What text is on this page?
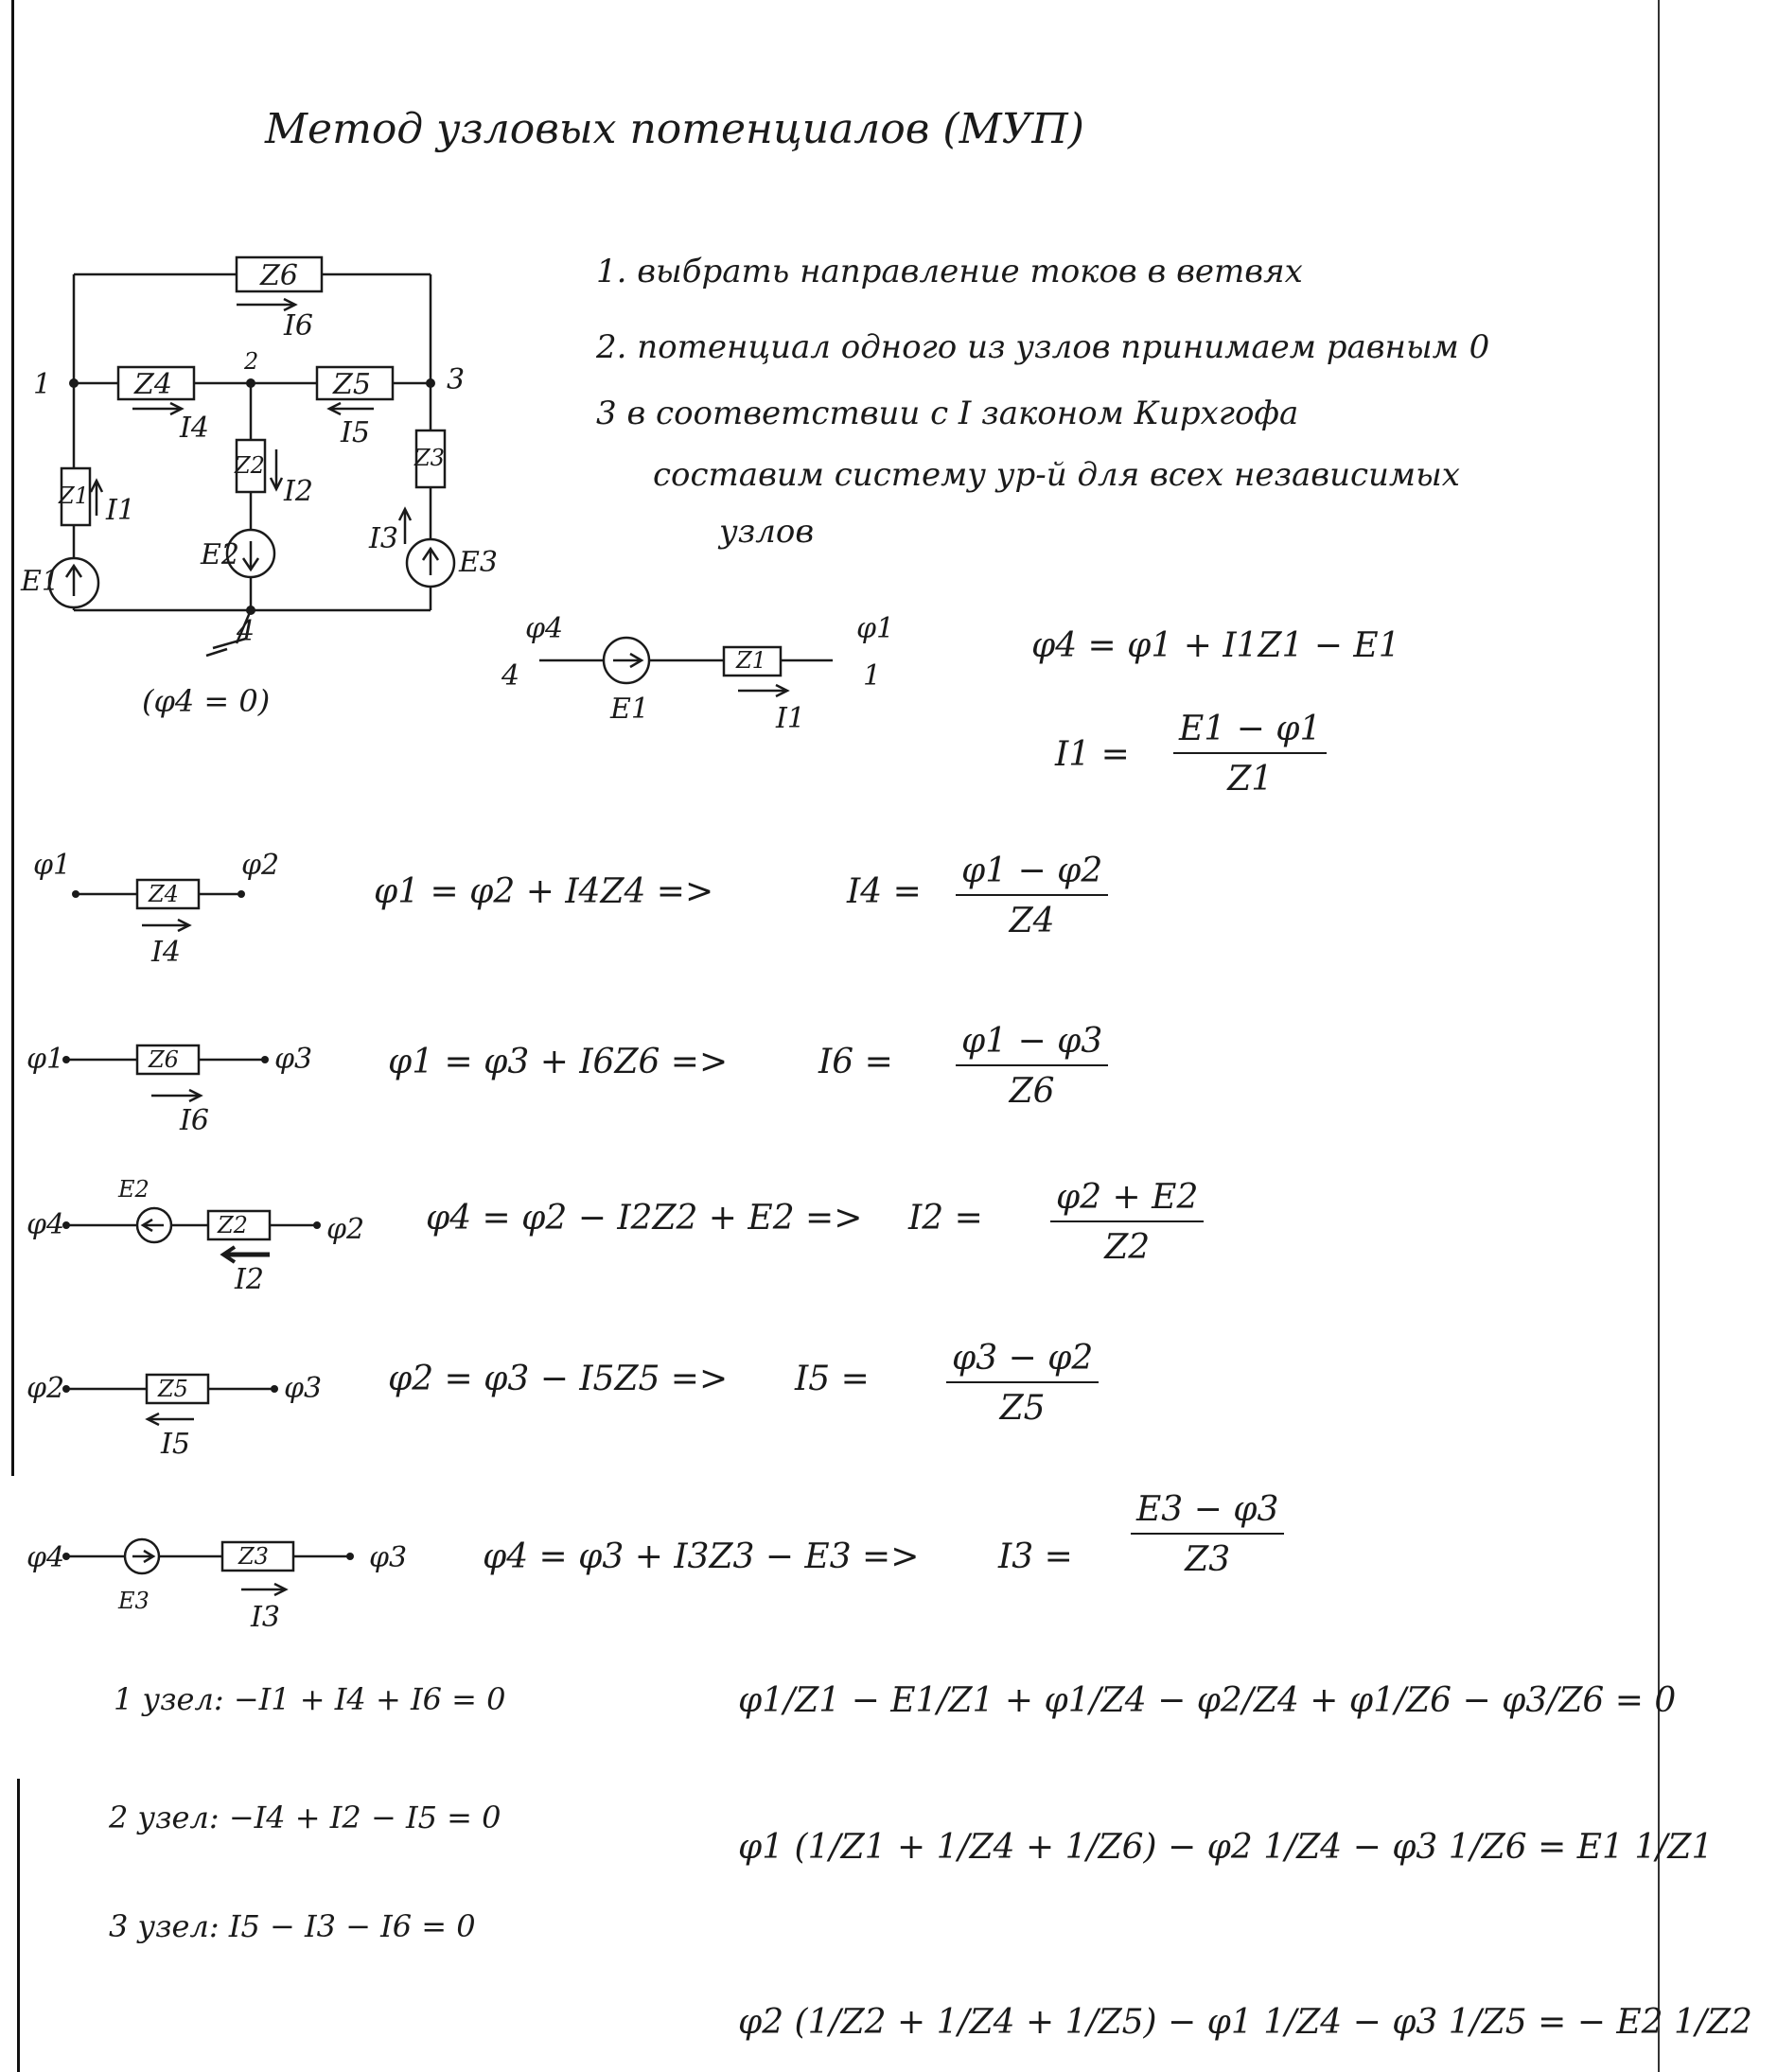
Метод узловых потенциалов (МУП)
1. выбрать направление токов в ветвях
2. потенциал одного из узлов принимаем равным 0
3 в соответствии с I законом Кирхгофа
составим систему ур-й для всех независимых
узлов
Z6
Z4	Z5
Z1
Z2	Z3
I6
I4	I5
I1
I2
I3
E1
E2	E3
1
2
3
4
(φ4 = 0)
φ4	φ1
4	1
E1
Z1
I1
φ4 = φ1 + I1Z1 − E1
$I1 = \frac{E1 - \varphi 1}{Z1}$
φ1	φ2
Z4
I4
φ1 = φ2 + I4Z4 =>	$I4 = \frac{\varphi 1 - \varphi 2}{Z4}$
φ1	φ3
Z6
I6
φ1 = φ3 + I6Z6 =>	$I6 = \frac{\varphi 1 - \varphi 3}{Z6}$
φ4	φ2
Z2
I2
E2
$\varphi 4 = \varphi 2 - I2Z2 + E2 => I2 = \frac{\varphi 2 + E2}{Z2}$
φ2	φ3
Z5
I5
$\varphi 2 = \varphi 3 - I5Z5 => I5 = \frac{\varphi 3 - \varphi 2}{Z5}$
φ4	φ3
Z3
I3
E3
$\varphi 4 = \varphi 3 + I3Z3 - E3 => I3 = \frac{E3 - \varphi 3}{Z3}$
1 узел: −I1 + I4 + I6 = 0
2 узел: −I4 + I2 − I5 = 0
3 узел: I5 − I3 − I6 = 0
φ1/Z1 − E1/Z1 + φ1/Z4 − φ2/Z4 + φ1/Z6 − φ3/Z6 = 0
φ1 (1/Z1 + 1/Z4 + 1/Z6) − φ2 1/Z4 − φ3 1/Z6 = E1 1/Z1
φ2 (1/Z2 + 1/Z4 + 1/Z5) − φ1 1/Z4 − φ3 1/Z5 = − E2 1/Z2
